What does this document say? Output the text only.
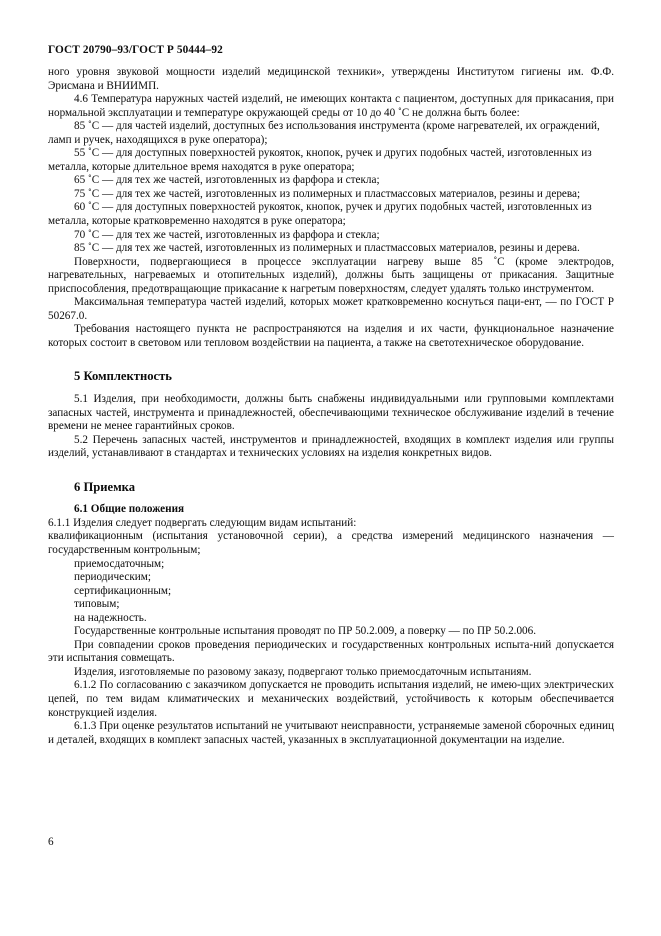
ГОСТ 20790–93/ГОСТ Р 50444–92

ного уровня звуковой мощности изделий медицинской техники», утверждены Институтом гигиены им. Ф.Ф. Эрисмана и ВНИИМП.

4.6 Температура наружных частей изделий, не имеющих контакта с пациентом, доступных для прикасания, при нормальной эксплуатации и температуре окружающей среды от 10 до 40 ˚С не должна быть более:

85 ˚С — для частей изделий, доступных без использования инструмента (кроме нагревателей, их ограждений, ламп и ручек, находящихся в руке оператора);

55 ˚С — для доступных поверхностей рукояток, кнопок, ручек и других подобных частей, изготовленных из металла, которые длительное время находятся в руке оператора;

65 ˚С — для тех же частей, изготовленных из фарфора и стекла;

75 ˚С — для тех же частей, изготовленных из полимерных и пластмассовых материалов, резины и дерева;

60 ˚С — для доступных поверхностей рукояток, кнопок, ручек и других подобных частей, изготовленных из металла, которые кратковременно находятся в руке оператора;

70 ˚С — для тех же частей, изготовленных из фарфора и стекла;

85 ˚С — для тех же частей, изготовленных из полимерных и пластмассовых материалов, резины и дерева.

Поверхности, подвергающиеся в процессе эксплуатации нагреву выше 85 ˚С (кроме электродов, нагревательных, нагреваемых и отопительных изделий), должны быть защищены от прикасания. Защитные приспособления, предотвращающие прикасание к нагретым поверхностям, следует удалять только инструментом.

Максимальная температура частей изделий, которых может кратковременно коснуться паци-ент, — по ГОСТ Р 50267.0.

Требования настоящего пункта не распространяются на изделия и их части, функциональное назначение которых состоит в световом или тепловом воздействии на пациента, а также на светотехническое оборудование.

5 Комплектность

5.1 Изделия, при необходимости, должны быть снабжены индивидуальными или групповыми комплектами запасных частей, инструмента и принадлежностей, обеспечивающими техническое обслуживание изделий в течение времени не менее гарантийных сроков.

5.2 Перечень запасных частей, инструментов и принадлежностей, входящих в комплект изделия или группы изделий, устанавливают в стандартах и технических условиях на изделия конкретных видов.

6 Приемка
6.1 Общие положения

6.1.1 Изделия следует подвергать следующим видам испытаний:

квалификационным (испытания установочной серии), а средства измерений медицинского назначения — государственным контрольным;

приемосдаточным;

периодическим;

сертификационным;

типовым;

на надежность.

Государственные контрольные испытания проводят по ПР 50.2.009, а поверку — по ПР 50.2.006.

При совпадении сроков проведения периодических и государственных контрольных испыта-ний допускается эти испытания совмещать.

Изделия, изготовляемые по разовому заказу, подвергают только приемосдаточным испытаниям.

6.1.2 По согласованию с заказчиком допускается не проводить испытания изделий, не имею-щих электрических цепей, по тем видам климатических и механических воздействий, устойчивость к которым обеспечивается конструкцией изделия.

6.1.3 При оценке результатов испытаний не учитывают неисправности, устраняемые заменой сборочных единиц и деталей, входящих в комплект запасных частей, указанных в эксплуатационной документации на изделие.

6
